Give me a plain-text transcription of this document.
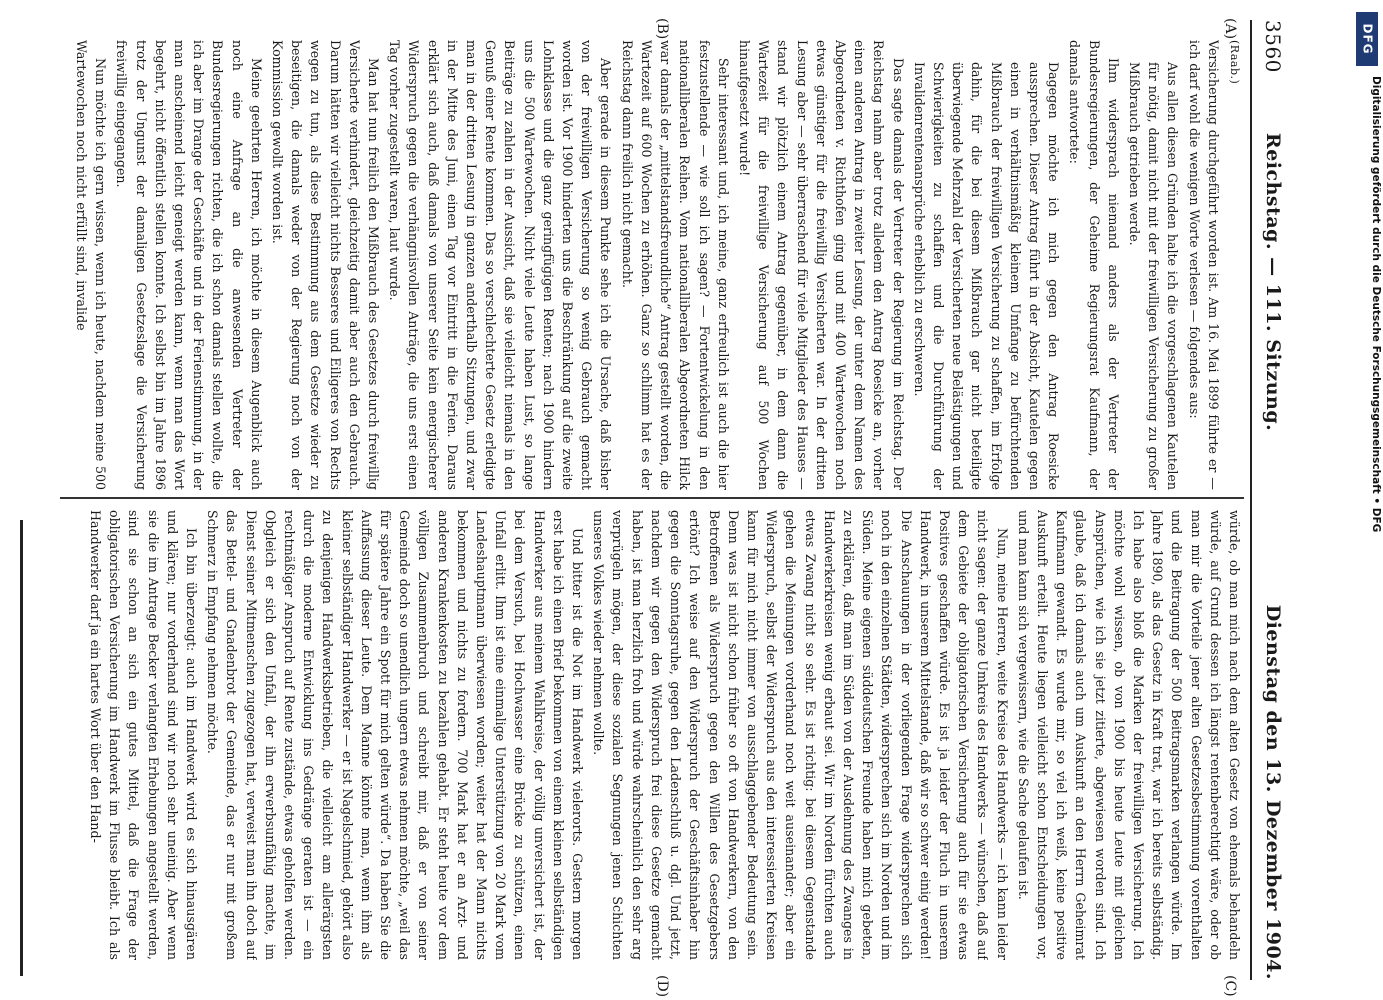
3560
Reichstag. — 111. Sitzung.
Dienstag den 13. Dezember 1904.
(A)
(B)
(C)
(D)

(Raab.)

Versicherung durchgeführt worden ist. Am 16. Mai 1899 führte er — ich darf wohl die wenigen Worte verlesen — folgendes aus:

Aus allen diesen Gründen halte ich die vorgeschlagenen Kautelen für nötig, damit nicht mit der freiwilligen Versicherung zu großer Mißbrauch getrieben werde.

Ihm widersprach niemand anders als der Vertreter der Bundesregierungen, der Geheime Regierungsrat Kaufmann, der damals antwortete:

Dagegen möchte ich mich gegen den Antrag Roesicke aussprechen. Dieser Antrag führt in der Absicht, Kautelen gegen einen in verhältnismäßig kleinem Umfange zu befürchtenden Mißbrauch der freiwilligen Versicherung zu schaffen, im Erfolge dahin, für die bei diesem Mißbrauch gar nicht beteiligte überwiegende Mehrzahl der Versicherten neue Belästigungen und Schwierigkeiten zu schaffen und die Durchführung der Invalidenrentenansprüche erheblich zu erschweren.

Das sagte damals der Vertreter der Regierung im Reichstag. Der Reichstag nahm aber trotz alledem den Antrag Roesicke an, vorher einen anderen Antrag in zweiter Lesung, der unter dem Namen des Abgeordneten v. Richthofen ging und mit 400 Wartewochen noch etwas günstiger für die freiwillig Versicherten war. In der dritten Lesung aber — sehr überraschend für viele Mitglieder des Hauses — stand wir plötzlich einem Antrag gegenüber, in dem dann die Wartezeit für die freiwillige Versicherung auf 500 Wochen hinaufgesetzt wurde!

Sehr interessant und, ich meine, ganz erfreulich ist auch die hier festzustellende — wie soll ich sagen? — Fortentwickelung in den nationalliberalen Reihen. Vom nationalliberalen Abgeordneten Hilck war damals der „mittelstandsfreundliche“ Antrag gestellt worden, die Wartezeit auf 600 Wochen zu erhöhen. Ganz so schlimm hat es der Reichstag dann freilich nicht gemacht.

Aber gerade in diesem Punkte sehe ich die Ursache, daß bisher von der freiwilligen Versicherung so wenig Gebrauch gemacht worden ist. Vor 1900 hinderten uns die Beschränkung auf die zweite Lohnklasse und die ganz geringfügigen Renten; nach 1900 hindern uns die 500 Wartewochen. Nicht viele Leute haben Lust, so lange Beiträge zu zahlen in der Aussicht, daß sie vielleicht niemals in den Genuß einer Rente kommen. Das so verschlechterte Gesetz erledigte man in der dritten Lesung in ganzen anderthalb Sitzungen, und zwar in der Mitte des Juni, einen Tag vor Eintritt in die Ferien. Daraus erklärt sich auch, daß damals von unserer Seite kein energischerer Widerspruch gegen die verhängnisvollen Anträge, die uns erst einen Tag vorher zugestellt waren, laut wurde.

Man hat nun freilich den Mißbrauch des Gesetzes durch freiwillig Versicherte verhindert, gleichzeitig damit aber auch den Gebrauch. Darum hätten wir vielleicht nichts Besseres und Eiligeres von Rechts wegen zu tun, als diese Bestimmung aus dem Gesetze wieder zu beseitigen, die damals weder von der Regierung noch von der Kommission gewollt worden ist.

Meine geehrten Herren, ich möchte in diesem Augenblick auch noch eine Anfrage an die anwesenden Vertreter der Bundesregierungen richten, die ich schon damals stellen wollte, die ich aber im Drange der Geschäfte und in der Ferienstimmung, in der man anscheinend leicht geneigt werden kann, wenn man das Wort begehrt, nicht öffentlich stellen konnte. Ich selbst bin im Jahre 1896 trotz der Ungunst der damaligen Gesetzeslage die Versicherung freiwillig eingegangen.

Nun möchte ich gern wissen, wenn ich heute, nachdem meine 500 Wartewochen noch nicht erfüllt sind, invalide

würde, ob man mich nach dem alten Gesetz von ehemals behandeln würde, auf Grund dessen ich längst rentenberechtigt wäre, oder ob man mir die Vorteile jener alten Gesetzesbestimmung vorenthalten und die Beitragung der 500 Beitragsmarken verlangen würde. Im Jahre 1890, als das Gesetz in Kraft trat, war ich bereits selbständig. Ich habe also bloß die Marken der freiwilligen Versicherung. Ich möchte wohl wissen, ob von 1900 bis heute Leute mit gleichen Ansprüchen, wie ich sie jetzt zitierte, abgewiesen worden sind. Ich glaube, daß ich damals auch um Auskunft an den Herrn Geheimrat Kaufmann gewandt. Es wurde mir, so viel ich weiß, keine positive Auskunft erteilt. Heute liegen vielleicht schon Entscheidungen vor, und man kann sich vergewissern, wie die Sache gelaufen ist.

Nun, meine Herren, weite Kreise des Handwerks — ich kann leider nicht sagen: der ganze Umkreis des Handwerks — wünschen, daß auf dem Gebiete der obligatorischen Versicherung auch für sie etwas Positives geschaffen würde. Es ist ja leider der Fluch in unserem Handwerk, in unserem Mittelstande, daß wir so schwer einig werden! Die Anschauungen in der vorliegenden Frage widersprechen sich noch in den einzelnen Städten, widersprechen sich im Norden und im Süden. Meine eigenen süddeutschen Freunde haben mich gebeten, zu erklären, daß man im Süden von der Ausdehnung des Zwanges in Handwerkerkreisen wenig erbaut sei. Wir im Norden fürchten auch etwas Zwang nicht so sehr. Es ist richtig: bei diesem Gegenstande gehen die Meinungen vorderhand noch weit auseinander; aber ein Widerspruch, selbst der Widerspruch aus den interessierten Kreisen kann für mich nicht immer von ausschlaggebender Bedeutung sein. Denn was ist nicht schon früher so oft von Handwerkern, von den Betroffenen als Widerspruch gegen den Willen des Gesetzgebers ertönt? Ich weise auf den Widerspruch der Geschäftsinhaber hin gegen die Sonntagsruhe, gegen den Ladenschluß u. dgl. Und jetzt, nachdem wir gegen den Widerspruch frei diese Gesetze gemacht haben, ist man herzlich froh und würde wahrscheinlich den sehr arg verprügeln mögen, der diese sozialen Segnungen jenen Schichten unseres Volkes wieder nehmen wollte.

Und bitter ist die Not im Handwerk vielerorts. Gestern morgen erst habe ich einen Brief bekommen von einem kleinen selbständigen Handwerker aus meinem Wahlkreise, der völlig unversichert ist, der bei dem Versuch, bei Hochwasser eine Brücke zu schützen, einen Unfall erlitt. Ihm ist eine einmalige Unterstützung von 20 Mark vom Landeshauptmann überwiesen worden; weiter hat der Mann nichts bekommen und nichts zu fordern. 700 Mark hat er an Arzt- und anderen Krankenkosten zu bezahlen gehabt. Er steht heute vor dem völligen Zusammenbruch und schreibt mir, daß er von seiner Gemeinde doch so unendlich ungern etwas nehmen möchte, „weil das für spätere Jahre ein Spott für mich gelten würde“. Da haben Sie die Auffassung dieser Leute. Dem Manne könnte man, wenn ihm als kleiner selbständiger Handwerker — er ist Nagelschmied, gehört also zu denjenigen Handwerksbetrieben, die vielleicht am allerärgsten durch die moderne Entwicklung ins Gedränge geraten ist — ein rechtmäßiger Anspruch auf Rente zustände, etwas geholfen werden. Obgleich er sich den Unfall, der ihn erwerbsunfähig machte, im Dienst seiner Mitmenschen zugezogen hat, verweist man ihn doch auf das Bettel- und Gnadenbrot der Gemeinde, das er nur mit großem Schmerz in Empfang nehmen möchte.

Ich bin überzeugt: auch im Handwerk wird es sich hinausgären und klären; nur vorderhand sind wir noch sehr uneinig. Aber wenn sie die im Antrage Becker verlangten Erhebungen angestellt werden, sind sie schon an sich ein gutes Mittel, daß die Frage der obligatorischen Versicherung im Handwerk im Flusse bleibt. Ich als Handwerker darf ja ein hartes Wort über den Hand-

DFG
Digitalisierung gefördert durch die Deutsche Forschungsgemeinschaft • DFG
